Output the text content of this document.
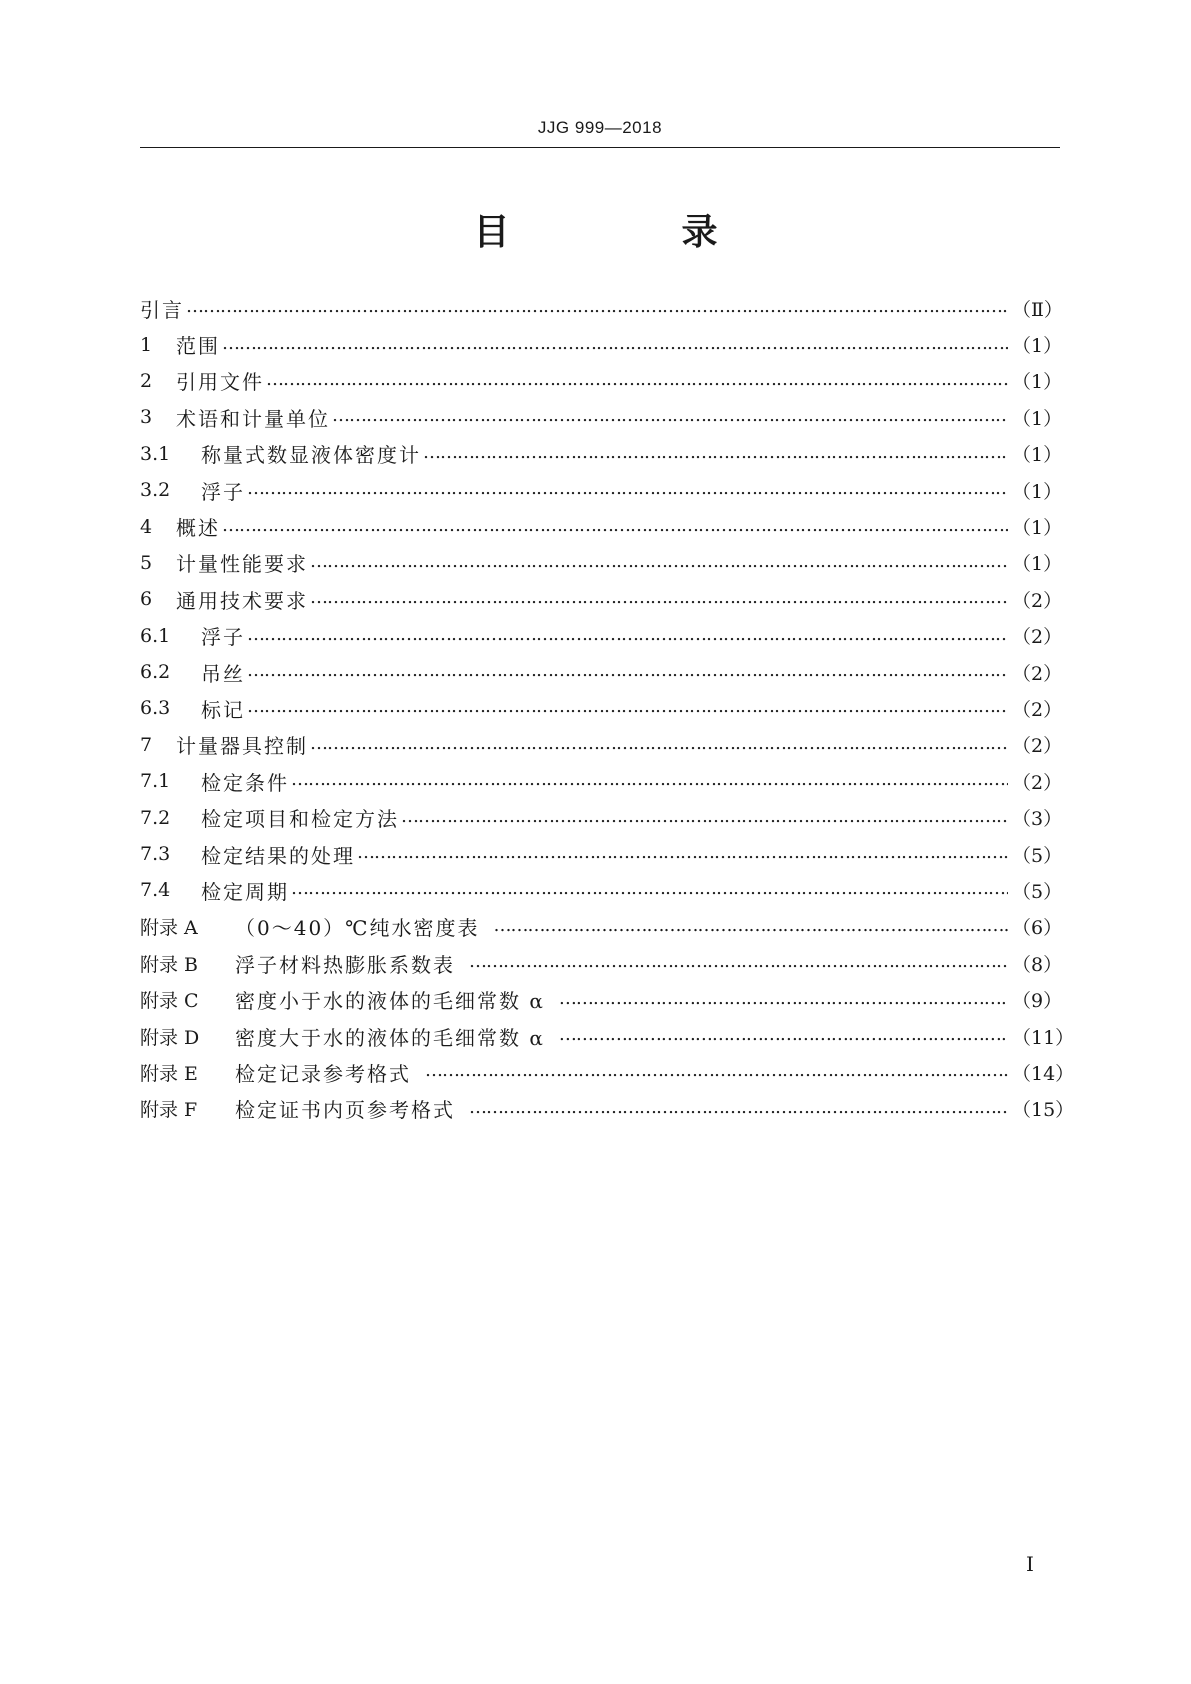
JJG 999—2018
目　录
引言 ……………………………………………………………………………………………………………………………………………………	（Ⅱ）
1	范围 ……………………………………………………………………………………………………………………………………………………	（1）
2	引用文件 ……………………………………………………………………………………………………………………………………………………	（1）
3	术语和计量单位 ……………………………………………………………………………………………………………………………………………………	（1）
3.1	称量式数显液体密度计 ……………………………………………………………………………………………………………………………………………………	（1）
3.2	浮子 ……………………………………………………………………………………………………………………………………………………	（1）
4	概述 ……………………………………………………………………………………………………………………………………………………	（1）
5	计量性能要求 ……………………………………………………………………………………………………………………………………………………	（1）
6	通用技术要求 ……………………………………………………………………………………………………………………………………………………	（2）
6.1	浮子 ……………………………………………………………………………………………………………………………………………………	（2）
6.2	吊丝 ……………………………………………………………………………………………………………………………………………………	（2）
6.3	标记 ……………………………………………………………………………………………………………………………………………………	（2）
7	计量器具控制 ……………………………………………………………………………………………………………………………………………………	（2）
7.1	检定条件 ……………………………………………………………………………………………………………………………………………………	（2）
7.2	检定项目和检定方法 ……………………………………………………………………………………………………………………………………………………	（3）
7.3	检定结果的处理 ……………………………………………………………………………………………………………………………………………………	（5）
7.4	检定周期 ……………………………………………………………………………………………………………………………………………………	（5）
附录 A	（0～40）℃纯水密度表 ……………………………………………………………………………………………………………………………………………………	（6）
附录 B	浮子材料热膨胀系数表 ……………………………………………………………………………………………………………………………………………………	（8）
附录 C	密度小于水的液体的毛细常数 α ……………………………………………………………………………………………………………………………………………………	（9）
附录 D	密度大于水的液体的毛细常数 α ……………………………………………………………………………………………………………………………………………………	（11）
附录 E	检定记录参考格式 ……………………………………………………………………………………………………………………………………………………	（14）
附录 F	检定证书内页参考格式 ……………………………………………………………………………………………………………………………………………………	（15）
Ⅰ
